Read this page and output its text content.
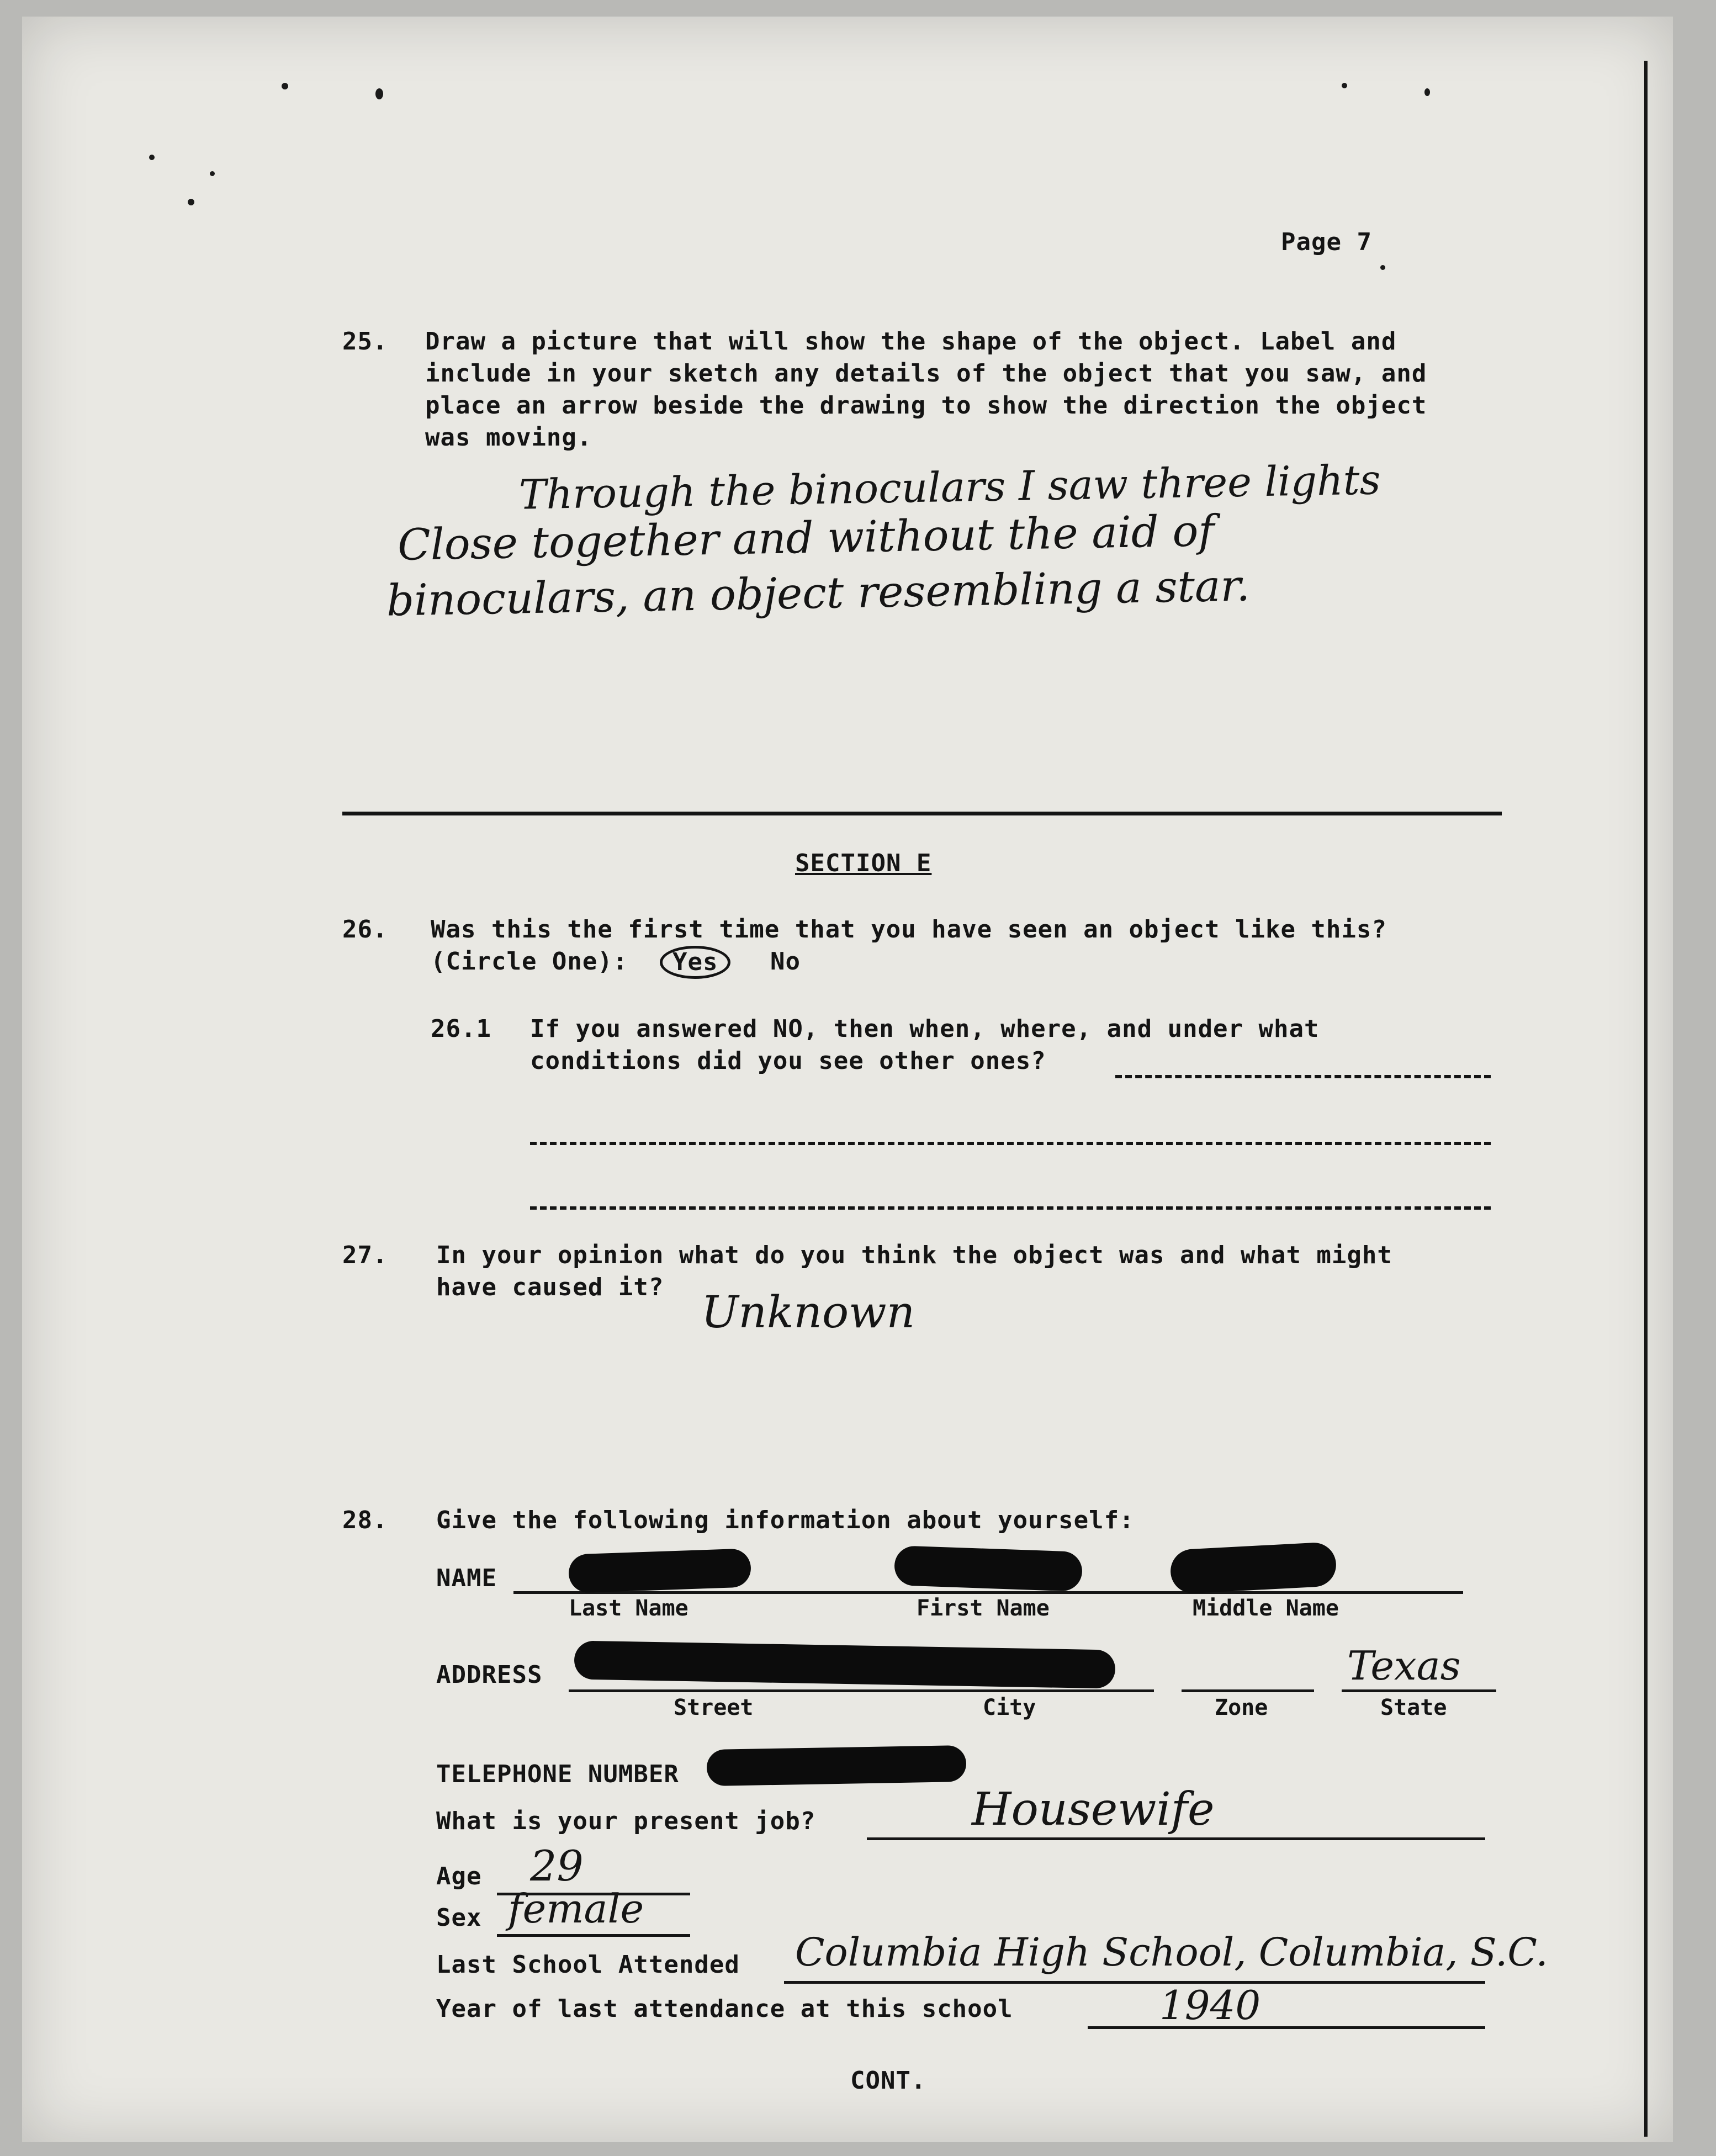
Page 7
25. Draw a picture that will show the shape of the object. Label and
include in your sketch any details of the object that you saw, and
place an arrow beside the drawing to show the direction the object
was moving.
Through the binoculars I saw three lights
Close together and without the aid of
binoculars, an object resembling a star.
SECTION E
26. Was this the first time that you have seen an object like this?
(Circle One):	Yes	No
26.1 If you answered NO, then when, where, and under what
conditions did you see other ones?
27. In your opinion what do you think the object was and what might
have caused it? Unknown
28. Give the following information about yourself:
NAME
Last Name	First Name	Middle Name
ADDRESS	Texas
Street	City	Zone	State
TELEPHONE NUMBER
What is your present job?	Housewife
Age 29
Sex female
Last School Attended Columbia High School, Columbia, S.C.
Year of last attendance at this school	1940
CONT.
